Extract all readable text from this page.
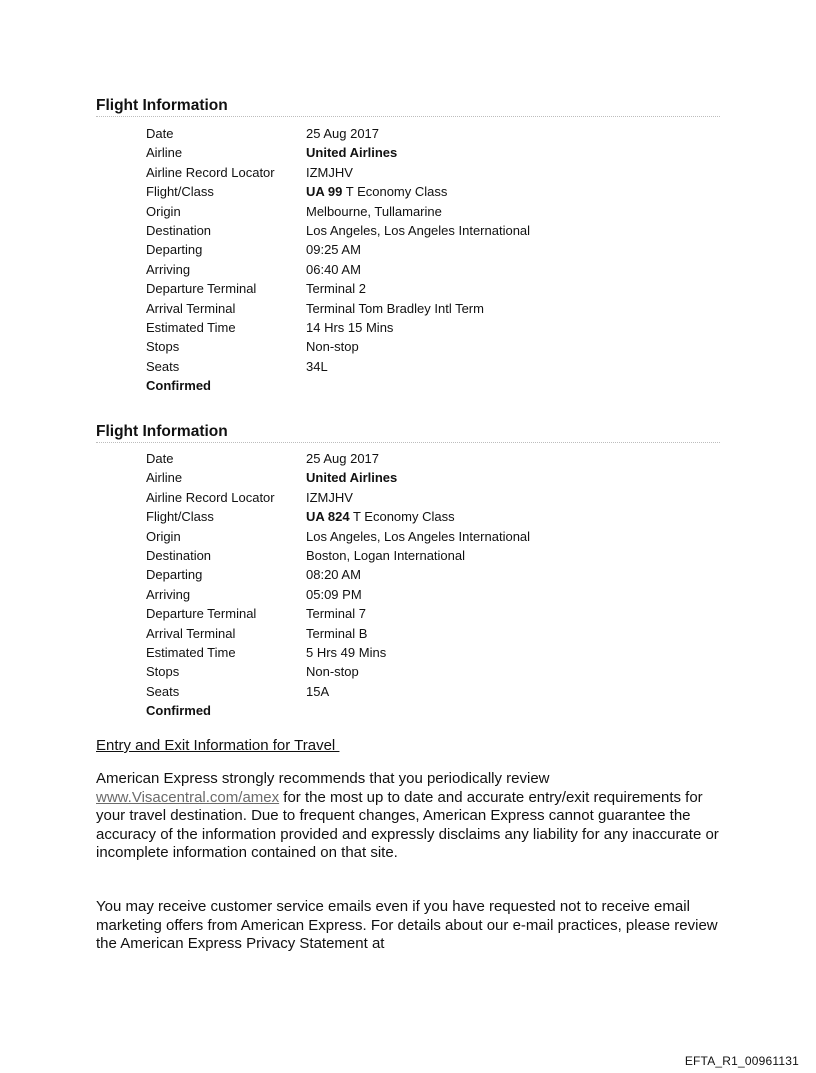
Flight Information
Date	25 Aug 2017
Airline	United Airlines
Airline Record Locator	IZMJHV
Flight/Class	UA 99 T Economy Class
Origin	Melbourne, Tullamarine
Destination	Los Angeles, Los Angeles International
Departing	09:25 AM
Arriving	06:40 AM
Departure Terminal	Terminal 2
Arrival Terminal	Terminal Tom Bradley Intl Term
Estimated Time	14 Hrs 15 Mins
Stops	Non-stop
Seats	34L
Confirmed
Flight Information
Date	25 Aug 2017
Airline	United Airlines
Airline Record Locator	IZMJHV
Flight/Class	UA 824 T Economy Class
Origin	Los Angeles, Los Angeles International
Destination	Boston, Logan International
Departing	08:20 AM
Arriving	05:09 PM
Departure Terminal	Terminal 7
Arrival Terminal	Terminal B
Estimated Time	5 Hrs 49 Mins
Stops	Non-stop
Seats	15A
Confirmed
Entry and Exit Information for Travel

American Express strongly recommends that you periodically review
www.Visacentral.com/amex for the most up to date and accurate entry/exit requirements for your travel destination. Due to frequent changes, American Express cannot guarantee the accuracy of the information provided and expressly disclaims any liability for any inaccurate or incomplete information contained on that site.

You may receive customer service emails even if you have requested not to receive email marketing offers from American Express. For details about our e-mail practices, please review the American Express Privacy Statement at

EFTA_R1_00961131
